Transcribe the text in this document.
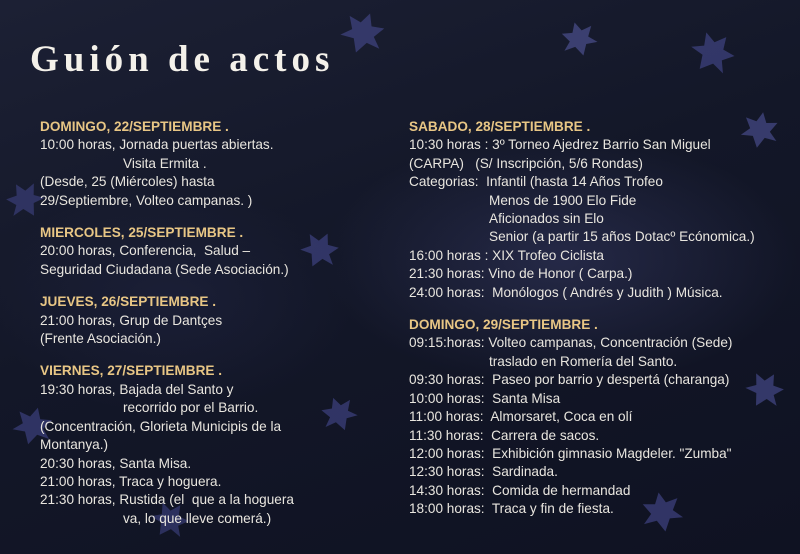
Guión de actos
DOMINGO, 22/SEPTIEMBRE .
10:00 horas, Jornada puertas abiertas.
Visita Ermita .
(Desde, 25 (Miércoles) hasta
29/Septiembre, Volteo campanas. )
MIERCOLES, 25/SEPTIEMBRE .
20:00 horas, Conferencia,  Salud –
Seguridad Ciudadana (Sede Asociación.)
JUEVES, 26/SEPTIEMBRE .
21:00 horas, Grup de Dantçes
(Frente Asociación.)
VIERNES, 27/SEPTIEMBRE .
19:30 horas, Bajada del Santo y
recorrido por el Barrio.
(Concentración, Glorieta Municipis de la
Montanya.)
20:30 horas, Santa Misa.
21:00 horas, Traca y hoguera.
21:30 horas, Rustida (el  que a la hoguera
va, lo que lleve comerá.)
SABADO, 28/SEPTIEMBRE .
10:30 horas : 3º Torneo Ajedrez Barrio San Miguel
(CARPA)   (S/ Inscripción, 5/6 Rondas)
Categorias:  Infantil (hasta 14 Años Trofeo
Menos de 1900 Elo Fide
Aficionados sin Elo
Senior (a partir 15 años Dotacº Ecónomica.)
16:00 horas : XIX Trofeo Ciclista
21:30 horas: Vino de Honor ( Carpa.)
24:00 horas:  Monólogos ( Andrés y Judith ) Música.
DOMINGO, 29/SEPTIEMBRE .
09:15:horas: Volteo campanas, Concentración (Sede)
traslado en Romería del Santo.
09:30 horas:  Paseo por barrio y despertá (charanga)
10:00 horas:  Santa Misa
11:00 horas:  Almorsaret, Coca en olí
11:30 horas:  Carrera de sacos.
12:00 horas:  Exhibición gimnasio Magdeler. "Zumba"
12:30 horas:  Sardinada.
14:30 horas:  Comida de hermandad
18:00 horas:  Traca y fin de fiesta.
